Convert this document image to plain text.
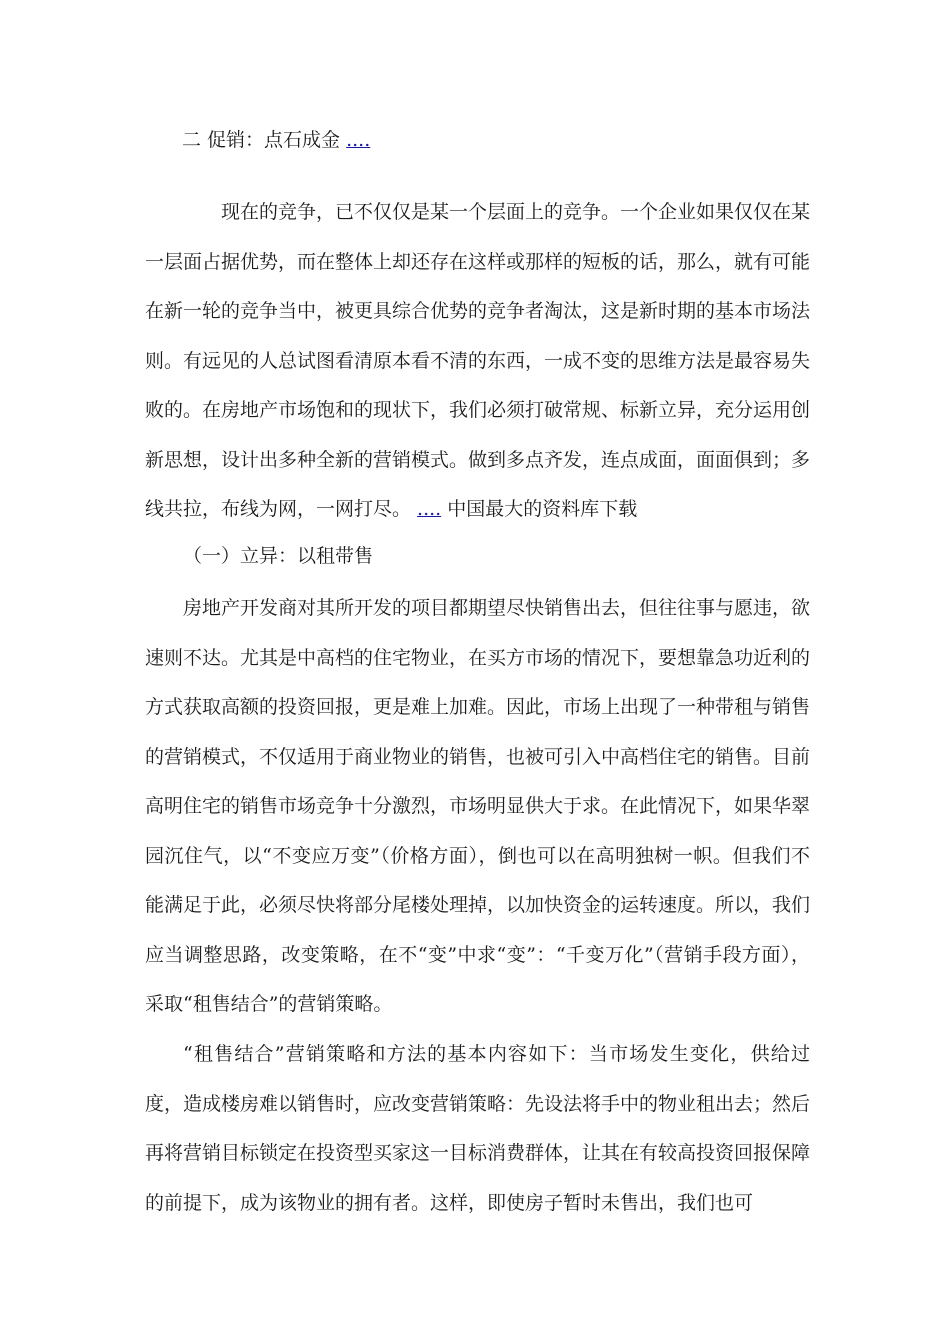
二 促销：点石成金 ....
现在的竞争，已不仅仅是某一个层面上的竞争。一个企业如果仅仅在某一层面占据优势，而在整体上却还存在这样或那样的短板的话，那么，就有可能在新一轮的竞争当中，被更具综合优势的竞争者淘汰，这是新时期的基本市场法则。有远见的人总试图看清原本看不清的东西，一成不变的思维方法是最容易失败的。在房地产市场饱和的现状下，我们必须打破常规、标新立异，充分运用创新思想，设计出多种全新的营销模式。做到多点齐发，连点成面，面面俱到；多线共拉，布线为网，一网打尽。 .... 中国最大的资料库下载
（一）立异：以租带售
房地产开发商对其所开发的项目都期望尽快销售出去，但往往事与愿违，欲速则不达。尤其是中高档的住宅物业，在买方市场的情况下，要想靠急功近利的方式获取高额的投资回报，更是难上加难。因此，市场上出现了一种带租与销售的营销模式，不仅适用于商业物业的销售，也被可引入中高档住宅的销售。目前高明住宅的销售市场竞争十分激烈，市场明显供大于求。在此情况下，如果华翠园沉住气，以“不变应万变”（价格方面），倒也可以在高明独树一帜。但我们不能满足于此，必须尽快将部分尾楼处理掉，以加快资金的运转速度。所以，我们应当调整思路，改变策略，在不“变”中求“变”：“千变万化”（营销手段方面），采取“租售结合”的营销策略。
“租售结合”营销策略和方法的基本内容如下：当市场发生变化，供给过度，造成楼房难以销售时，应改变营销策略：先设法将手中的物业租出去；然后再将营销目标锁定在投资型买家这一目标消费群体，让其在有较高投资回报保障的前提下，成为该物业的拥有者。这样，即使房子暂时未售出，我们也可
